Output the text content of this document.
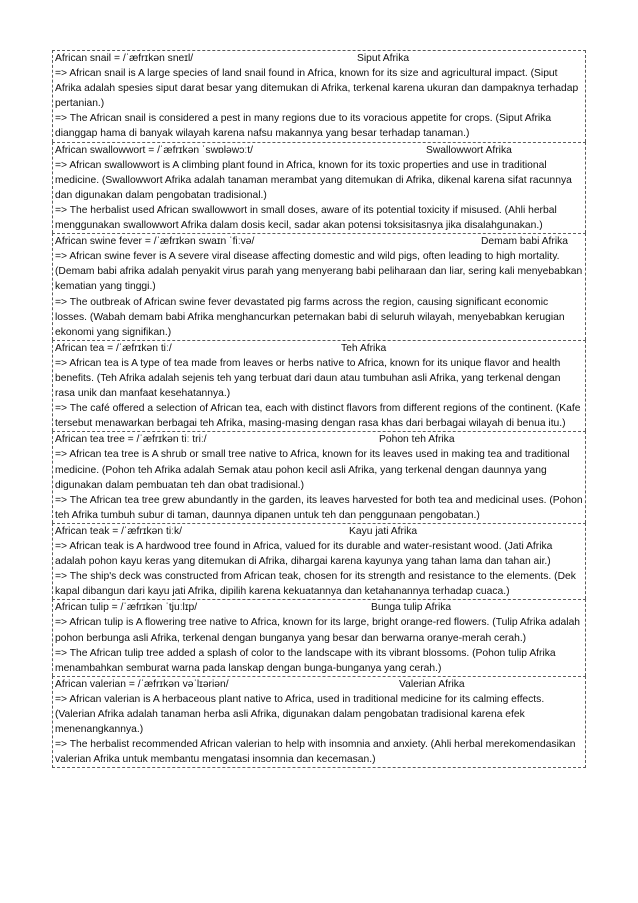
African snail = /ˈæfrɪkən sneɪl/	Siput Afrika
=> African snail is A large species of land snail found in Africa, known for its size and agricultural impact. (Siput Afrika adalah spesies siput darat besar yang ditemukan di Afrika, terkenal karena ukuran dan dampaknya terhadap pertanian.)
=> The African snail is considered a pest in many regions due to its voracious appetite for crops. (Siput Afrika dianggap hama di banyak wilayah karena nafsu makannya yang besar terhadap tanaman.)
African swallowwort = /ˈæfrɪkən ˈswɒləwɔːt/	Swallowwort Afrika
=> African swallowwort is A climbing plant found in Africa, known for its toxic properties and use in traditional medicine. (Swallowwort Afrika adalah tanaman merambat yang ditemukan di Afrika, dikenal karena sifat racunnya dan digunakan dalam pengobatan tradisional.)
=> The herbalist used African swallowwort in small doses, aware of its potential toxicity if misused. (Ahli herbal menggunakan swallowwort Afrika dalam dosis kecil, sadar akan potensi toksisitasnya jika disalahgunakan.)
African swine fever = /ˈæfrɪkən swaɪn ˈfiːvə/	Demam babi Afrika
=> African swine fever is A severe viral disease affecting domestic and wild pigs, often leading to high mortality. (Demam babi afrika adalah penyakit virus parah yang menyerang babi peliharaan dan liar, sering kali menyebabkan kematian yang tinggi.)
=> The outbreak of African swine fever devastated pig farms across the region, causing significant economic losses. (Wabah demam babi Afrika menghancurkan peternakan babi di seluruh wilayah, menyebabkan kerugian ekonomi yang signifikan.)
African tea = /ˈæfrɪkən tiː/	Teh Afrika
=> African tea is A type of tea made from leaves or herbs native to Africa, known for its unique flavor and health benefits. (Teh Afrika adalah sejenis teh yang terbuat dari daun atau tumbuhan asli Afrika, yang terkenal dengan rasa unik dan manfaat kesehatannya.)
=> The café offered a selection of African tea, each with distinct flavors from different regions of the continent. (Kafe tersebut menawarkan berbagai teh Afrika, masing-masing dengan rasa khas dari berbagai wilayah di benua itu.)
African tea tree = /ˈæfrɪkən tiː triː/	Pohon teh Afrika
=> African tea tree is A shrub or small tree native to Africa, known for its leaves used in making tea and traditional medicine. (Pohon teh Afrika adalah Semak atau pohon kecil asli Afrika, yang terkenal dengan daunnya yang digunakan dalam pembuatan teh dan obat tradisional.)
=> The African tea tree grew abundantly in the garden, its leaves harvested for both tea and medicinal uses. (Pohon teh Afrika tumbuh subur di taman, daunnya dipanen untuk teh dan penggunaan pengobatan.)
African teak = /ˈæfrɪkən tiːk/	Kayu jati Afrika
=> African teak is A hardwood tree found in Africa, valued for its durable and water-resistant wood. (Jati Afrika adalah pohon kayu keras yang ditemukan di Afrika, dihargai karena kayunya yang tahan lama dan tahan air.)
=> The ship's deck was constructed from African teak, chosen for its strength and resistance to the elements. (Dek kapal dibangun dari kayu jati Afrika, dipilih karena kekuatannya dan ketahanannya terhadap cuaca.)
African tulip = /ˈæfrɪkən ˈtjuːlɪp/	Bunga tulip Afrika
=> African tulip is A flowering tree native to Africa, known for its large, bright orange-red flowers. (Tulip Afrika adalah pohon berbunga asli Afrika, terkenal dengan bunganya yang besar dan berwarna oranye-merah cerah.)
=> The African tulip tree added a splash of color to the landscape with its vibrant blossoms. (Pohon tulip Afrika menambahkan semburat warna pada lanskap dengan bunga-bunganya yang cerah.)
African valerian = /ˈæfrɪkən vəˈlɪəriən/	Valerian Afrika
=> African valerian is A herbaceous plant native to Africa, used in traditional medicine for its calming effects. (Valerian Afrika adalah tanaman herba asli Afrika, digunakan dalam pengobatan tradisional karena efek menenangkannya.)
=> The herbalist recommended African valerian to help with insomnia and anxiety. (Ahli herbal merekomendasikan valerian Afrika untuk membantu mengatasi insomnia dan kecemasan.)
